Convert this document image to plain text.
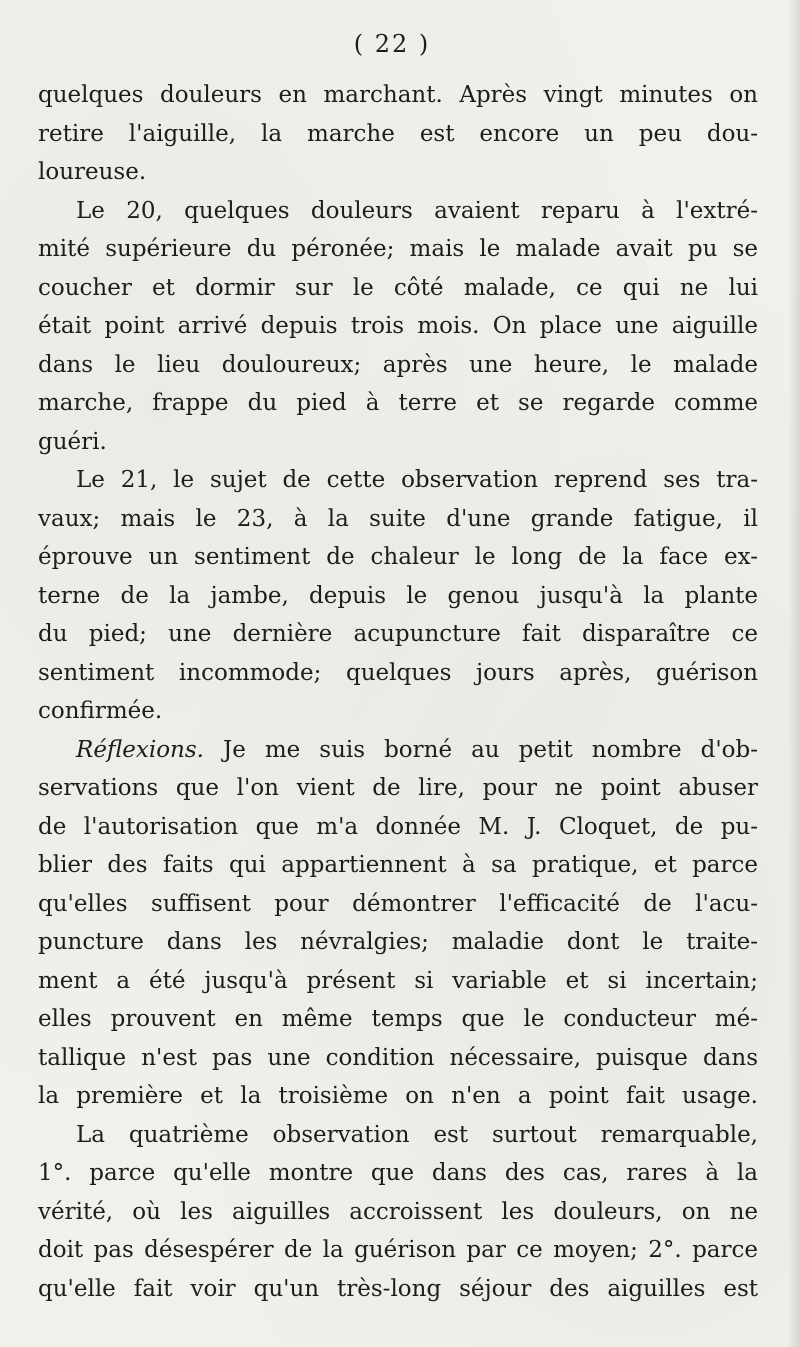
( 22 )
quelques douleurs en marchant. Après vingt minutes on
retire l'aiguille, la marche est encore un peu dou-
loureuse.
Le 20, quelques douleurs avaient reparu à l'extré-
mité supérieure du péronée; mais le malade avait pu se
coucher et dormir sur le côté malade, ce qui ne lui
était point arrivé depuis trois mois. On place une aiguille
dans le lieu douloureux; après une heure, le malade
marche, frappe du pied à terre et se regarde comme
guéri.
Le 21, le sujet de cette observation reprend ses tra-
vaux; mais le 23, à la suite d'une grande fatigue, il
éprouve un sentiment de chaleur le long de la face ex-
terne de la jambe, depuis le genou jusqu'à la plante
du pied; une dernière acupuncture fait disparaître ce
sentiment incommode; quelques jours après, guérison
confirmée.
Réflexions. Je me suis borné au petit nombre d'ob-
servations que l'on vient de lire, pour ne point abuser
de l'autorisation que m'a donnée M. J. Cloquet, de pu-
blier des faits qui appartiennent à sa pratique, et parce
qu'elles suffisent pour démontrer l'efficacité de l'acu-
puncture dans les névralgies; maladie dont le traite-
ment a été jusqu'à présent si variable et si incertain;
elles prouvent en même temps que le conducteur mé-
tallique n'est pas une condition nécessaire, puisque dans
la première et la troisième on n'en a point fait usage.
La quatrième observation est surtout remarquable,
1°. parce qu'elle montre que dans des cas, rares à la
vérité, où les aiguilles accroissent les douleurs, on ne
doit pas désespérer de la guérison par ce moyen; 2°. parce
qu'elle fait voir qu'un très-long séjour des aiguilles est
